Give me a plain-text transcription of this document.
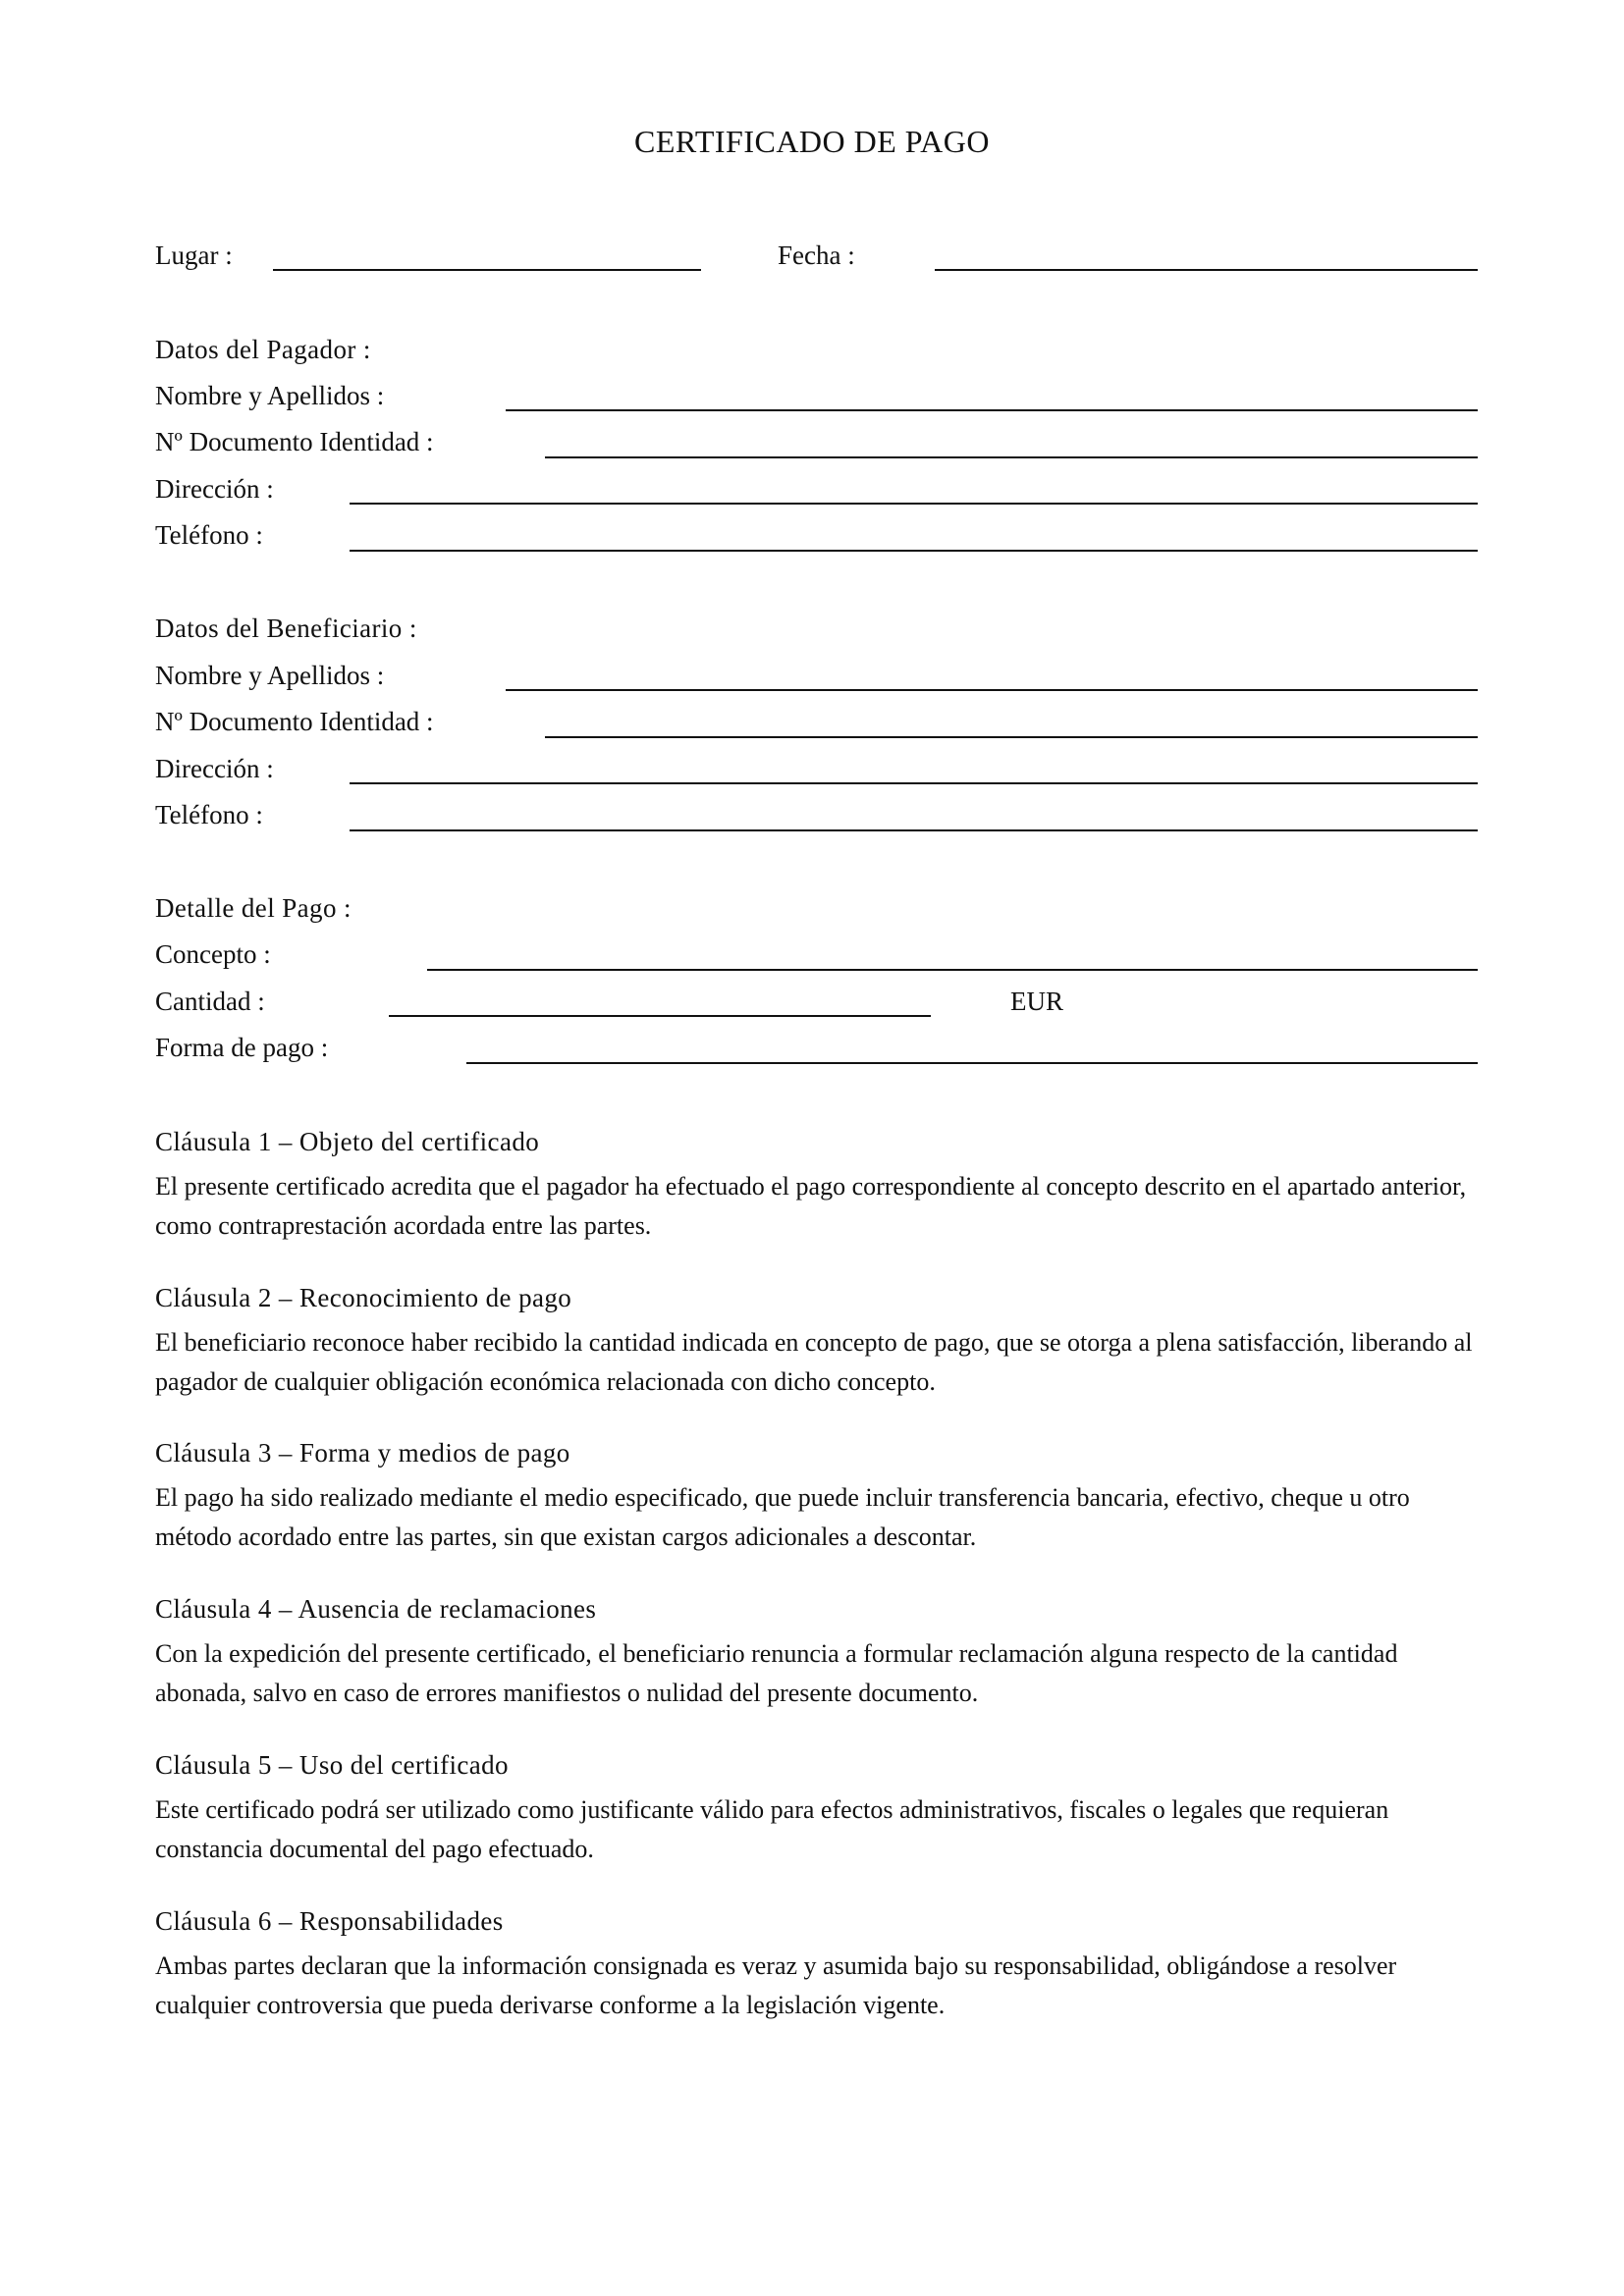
CERTIFICADO DE PAGO
Lugar :	Fecha :
Datos del Pagador :
Nombre y Apellidos :
Nº Documento Identidad :
Dirección :
Teléfono :
Datos del Beneficiario :
Nombre y Apellidos :
Nº Documento Identidad :
Dirección :
Teléfono :
Detalle del Pago :
Concepto :
Cantidad :	EUR
Forma de pago :
Cláusula 1 – Objeto del certificado
El presente certificado acredita que el pagador ha efectuado el pago correspondiente al concepto descrito en el apartado anterior, como contraprestación acordada entre las partes.
Cláusula 2 – Reconocimiento de pago
El beneficiario reconoce haber recibido la cantidad indicada en concepto de pago, que se otorga a plena satisfacción, liberando al pagador de cualquier obligación económica relacionada con dicho concepto.
Cláusula 3 – Forma y medios de pago
El pago ha sido realizado mediante el medio especificado, que puede incluir transferencia bancaria, efectivo, cheque u otro método acordado entre las partes, sin que existan cargos adicionales a descontar.
Cláusula 4 – Ausencia de reclamaciones
Con la expedición del presente certificado, el beneficiario renuncia a formular reclamación alguna respecto de la cantidad abonada, salvo en caso de errores manifiestos o nulidad del presente documento.
Cláusula 5 – Uso del certificado
Este certificado podrá ser utilizado como justificante válido para efectos administrativos, fiscales o legales que requieran constancia documental del pago efectuado.
Cláusula 6 – Responsabilidades
Ambas partes declaran que la información consignada es veraz y asumida bajo su responsabilidad, obligándose a resolver cualquier controversia que pueda derivarse conforme a la legislación vigente.
